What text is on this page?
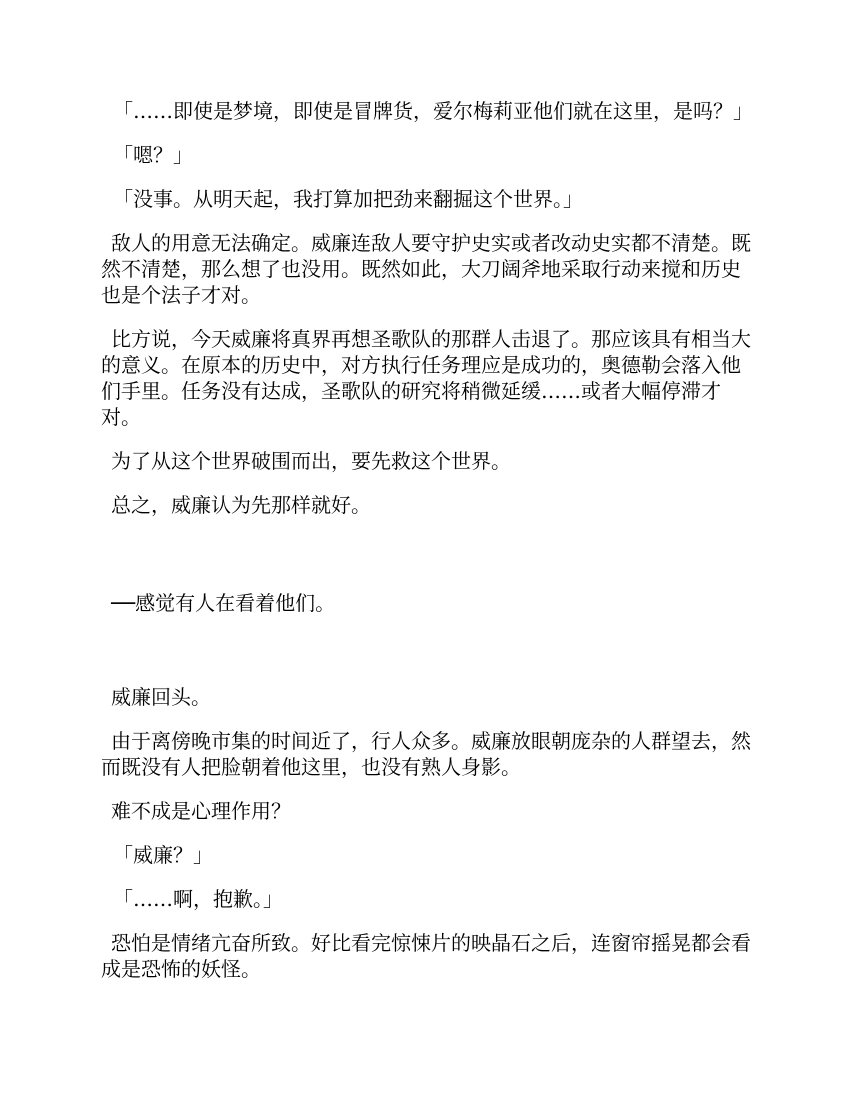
「……即使是梦境，即使是冒牌货，爱尔梅莉亚他们就在这里，是吗？」

「嗯？」

「没事。从明天起，我打算加把劲来翻掘这个世界。」

敌人的用意无法确定。威廉连敌人要守护史实或者改动史实都不清楚。既然不清楚，那么想了也没用。既然如此，大刀阔斧地采取行动来搅和历史也是个法子才对。

比方说，今天威廉将真界再想圣歌队的那群人击退了。那应该具有相当大的意义。在原本的历史中，对方执行任务理应是成功的，奥德勒会落入他们手里。任务没有达成，圣歌队的研究将稍微延缓……或者大幅停滞才对。

为了从这个世界破围而出，要先救这个世界。

总之，威廉认为先那样就好。

──感觉有人在看着他们。

威廉回头。

由于离傍晚市集的时间近了，行人众多。威廉放眼朝庞杂的人群望去，然而既没有人把脸朝着他这里，也没有熟人身影。

难不成是心理作用？

「威廉？」

「……啊，抱歉。」

恐怕是情绪亢奋所致。好比看完惊悚片的映晶石之后，连窗帘摇晃都会看成是恐怖的妖怪。
